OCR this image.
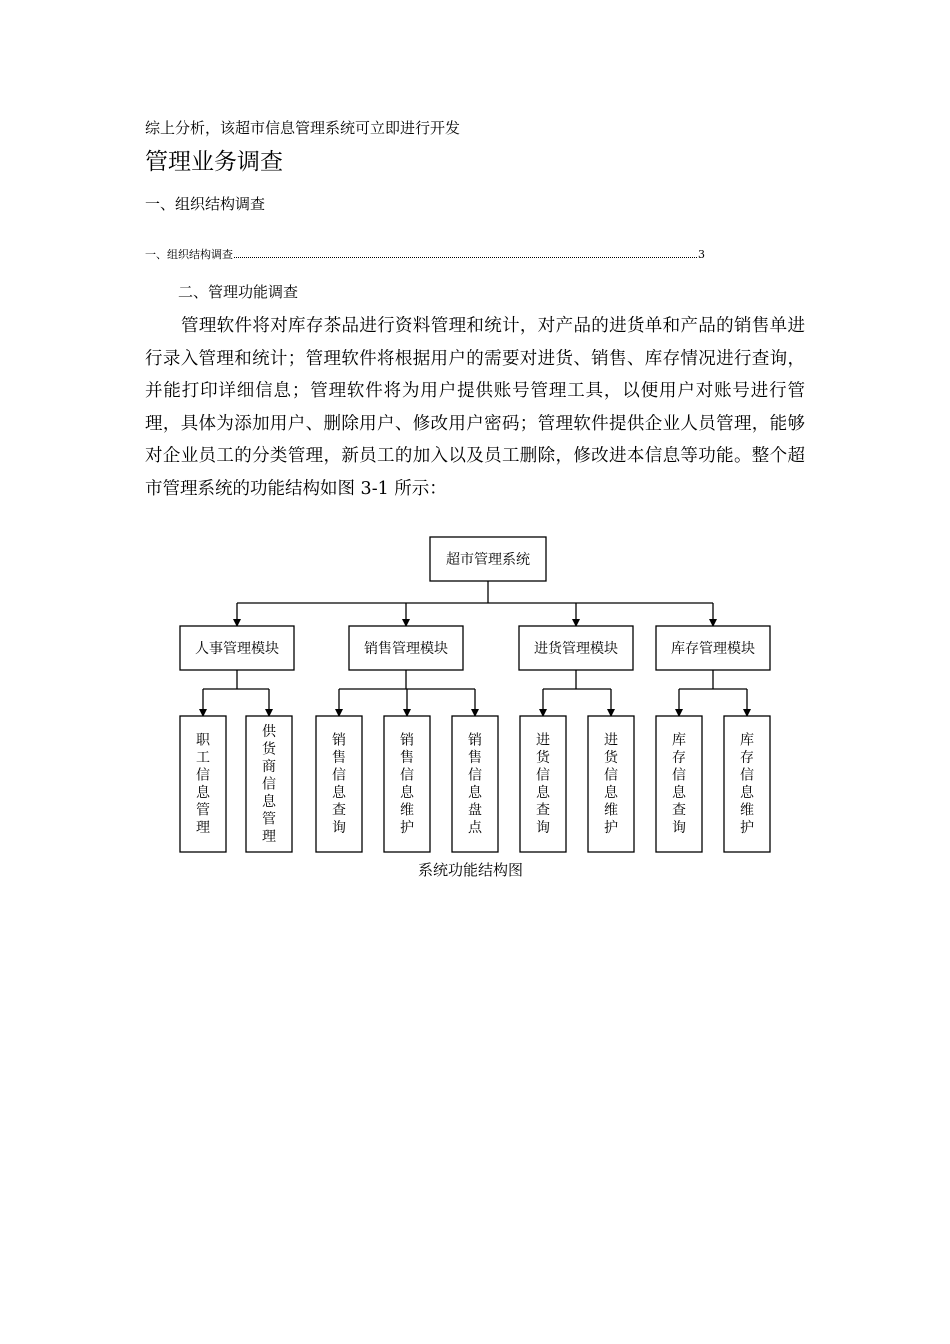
综上分析，该超市信息管理系统可立即进行开发
管理业务调查
一、组织结构调查
一、组织结构调查	3
二、管理功能调查
管理软件将对库存茶品进行资料管理和统计，对产品的进货单和产品的销售单进行录入管理和统计；管理软件将根据用户的需要对进货、销售、库存情况进行查询，并能打印详细信息；管理软件将为用户提供账号管理工具，以便用户对账号进行管理，具体为添加用户、删除用户、修改用户密码；管理软件提供企业人员管理，能够对企业员工的分类管理，新员工的加入以及员工删除，修改进本信息等功能。整个超市管理系统的功能结构如图 3-1 所示：
超市管理系统
人事管理模块
职工信息管理
供货商信息管理
销售管理模块
销售信息查询
销售信息维护
销售信息盘点
进货管理模块
进货信息查询
进货信息维护
库存管理模块
库存信息查询
库存信息维护
系统功能结构图
